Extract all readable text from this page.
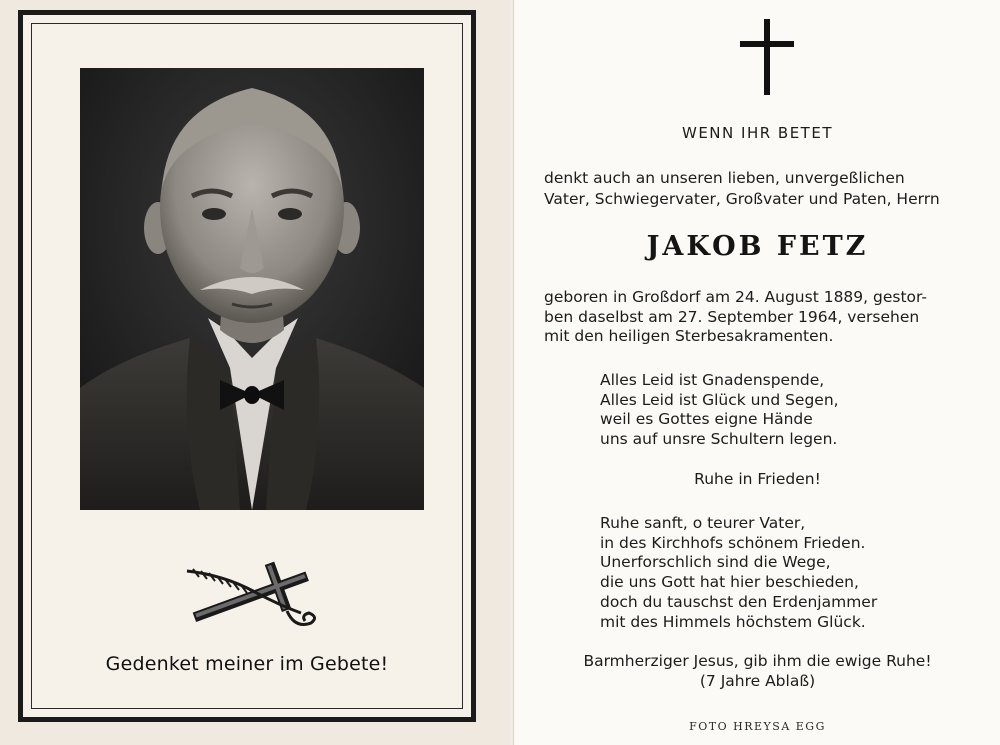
Gedenket meiner im Gebete!
WENN IHR BETET
denkt auch an unseren lieben, unvergeßlichen
Vater, Schwiegervater, Großvater und Paten, Herrn
JAKOB FETZ
geboren in Großdorf am 24. August 1889, gestor-
ben daselbst am 27. September 1964, versehen
mit den heiligen Sterbesakramenten.
Alles Leid ist Gnadenspende,
Alles Leid ist Glück und Segen,
weil es Gottes eigne Hände
uns auf unsre Schultern legen.
Ruhe in Frieden!
Ruhe sanft, o teurer Vater,
in des Kirchhofs schönem Frieden.
Unerforschlich sind die Wege,
die uns Gott hat hier beschieden,
doch du tauschst den Erdenjammer
mit des Himmels höchstem Glück.
Barmherziger Jesus, gib ihm die ewige Ruhe!
(7 Jahre Ablaß)
FOTO HREYSA EGG
